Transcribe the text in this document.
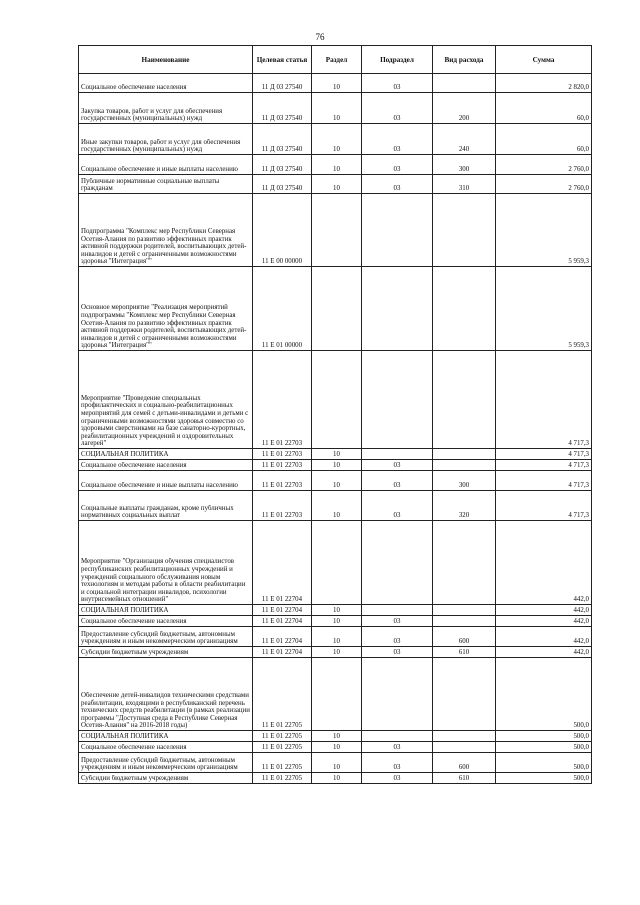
76
Наименование	Целевая статья	Раздел	Подраздел	Вид расхода	Сумма

Социальное обеспечение населения	11 Д 03 27540	10	03		2 820,0

Закупка товаров, работ и услуг для обеспечения государственных (муниципальных) нужд	11 Д 03 27540	10	03	200	60,0

Иные закупки товаров, работ и услуг для обеспечения государственных (муниципальных) нужд	11 Д 03 27540	10	03	240	60,0

Социальное обеспечение и иные выплаты населению	11 Д 03 27540	10	03	300	2 760,0

Публичные нормативные социальные выплаты гражданам	11 Д 03 27540	10	03	310	2 760,0

Подпрограмма "Комплекс мер Республики Северная Осетия-Алания по развитию эффективных практик активной поддержки родителей, воспитывающих детей-инвалидов и детей с ограниченными возможностями здоровья "Интеграция""	11 Е 00 00000				5 959,3

Основное мероприятие "Реализация мероприятий подпрограммы "Комплекс мер Республики Северная Осетия-Алания по развитию эффективных практик активной поддержки родителей, воспитывающих детей-инвалидов и детей с ограниченными возможностями здоровья "Интеграция""	11 Е 01 00000				5 959,3

Мероприятие "Проведение специальных профилактических и социально-реабилитационных мероприятий для семей с детьми-инвалидами и детьми с ограниченными возможностями здоровья совместно со здоровыми сверстниками на базе санаторно-курортных, реабилитационных учреждений и оздоровительных лагерей"	11 Е 01 22703				4 717,3

СОЦИАЛЬНАЯ ПОЛИТИКА	11 Е 01 22703	10			4 717,3

Социальное обеспечение населения	11 Е 01 22703	10	03		4 717,3

Социальное обеспечение и иные выплаты населению	11 Е 01 22703	10	03	300	4 717,3

Социальные выплаты гражданам, кроме публичных нормативных социальных выплат	11 Е 01 22703	10	03	320	4 717,3

Мероприятие "Организация обучения специалистов республиканских реабилитационных учреждений и учреждений социального обслуживания новым технологиям и методам работы в области реабилитации и социальной интеграции инвалидов, психологии внутрисемейных отношений"	11 Е 01 22704				442,0

СОЦИАЛЬНАЯ ПОЛИТИКА	11 Е 01 22704	10			442,0

Социальное обеспечение населения	11 Е 01 22704	10	03		442,0

Предоставление субсидий бюджетным, автономным учреждениям и иным некоммерческим организациям	11 Е 01 22704	10	03	600	442,0

Субсидии бюджетным учреждениям	11 Е 01 22704	10	03	610	442,0

Обеспечение детей-инвалидов техническими средствами реабилитации, входящими в республиканский перечень технических средств реабилитации (в рамках реализации программы "Доступная среда в Республике Северная Осетия-Алания" на 2016-2018 годы)	11 Е 01 22705				500,0

СОЦИАЛЬНАЯ ПОЛИТИКА	11 Е 01 22705	10			500,0

Социальное обеспечение населения	11 Е 01 22705	10	03		500,0

Предоставление субсидий бюджетным, автономным учреждениям и иным некоммерческим организациям	11 Е 01 22705	10	03	600	500,0

Субсидии бюджетным учреждениям	11 Е 01 22705	10	03	610	500,0
